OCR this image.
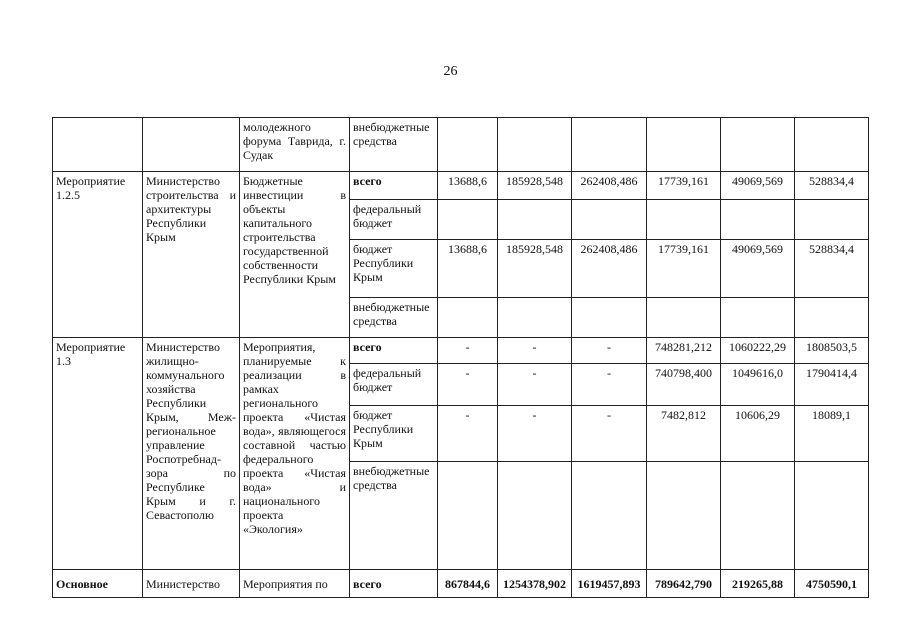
26
		молодежного форума Таврида, г. Судак	внебюджетные средства						
Мероприятие 1.2.5	Министерство строительства и архитектуры Республики Крым	Бюджетные инвестиции в объекты капитального строительства государственной собственности Республики Крым	всего	13688,6	185928,548	262408,486	17739,161	49069,569	528834,4
			федеральный бюджет						
			бюджет Республики Крым	13688,6	185928,548	262408,486	17739,161	49069,569	528834,4
			внебюджетные средства						
Мероприятие 1.3	Министерство жилищно-коммунального хозяйства Республики Крым, Меж-региональное управление Роспотребнад-зора по Республике Крым и г. Севастополю	Мероприятия, планируемые к реализации в рамках регионального проекта «Чистая вода», являющегося составной частью федерального проекта «Чистая вода» и национального проекта «Экология»	всего	-	-	-	748281,212	1060222,29	1808503,5
			федеральный бюджет	-	-	-	740798,400	1049616,0	1790414,4
			бюджет Республики Крым	-	-	-	7482,812	10606,29	18089,1
			внебюджетные средства						
Основное	Министерство	Мероприятия по	всего	867844,6	1254378,902	1619457,893	789642,790	219265,88	4750590,1
